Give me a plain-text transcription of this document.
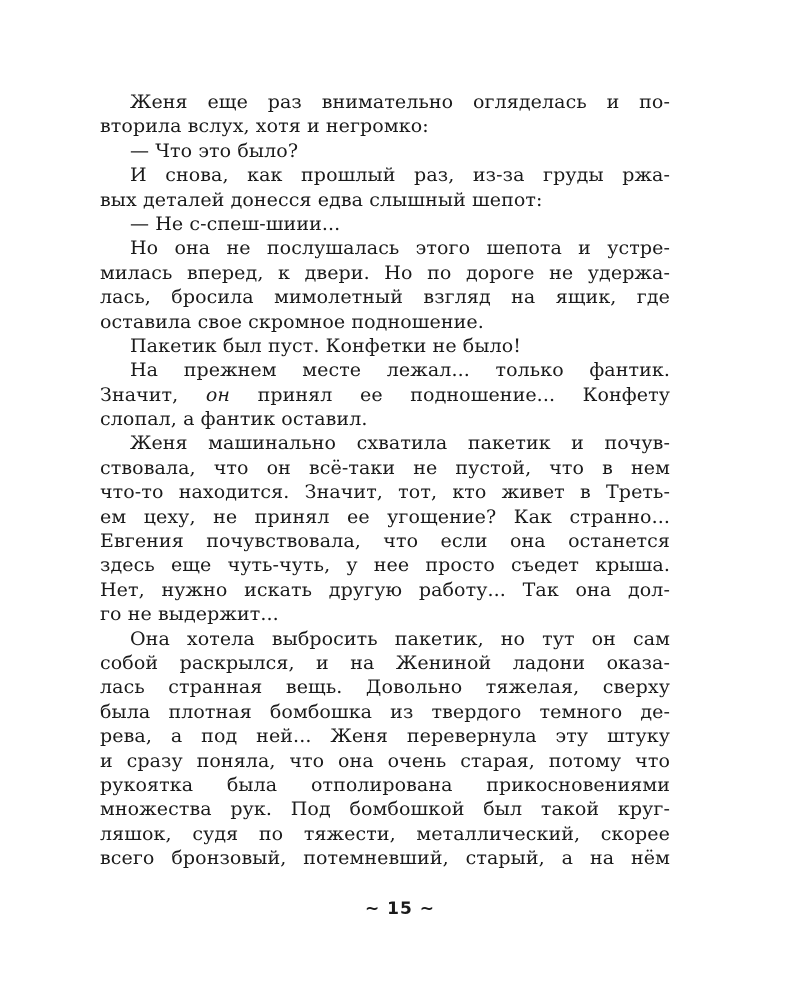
Женя еще раз внимательно огляделась и по-
вторила вслух, хотя и негромко:
— Что это было?
И снова, как прошлый раз, из-за груды ржа-
вых деталей донесся едва слышный шепот:
— Не с-спеш-шиии...
Но она не послушалась этого шепота и устре-
милась вперед, к двери. Но по дороге не удержа-
лась, бросила мимолетный взгляд на ящик, где
оставила свое скромное подношение.
Пакетик был пуст. Конфетки не было!
На прежнем месте лежал... только фантик.
Значит, он принял ее подношение... Конфету
слопал, а фантик оставил.
Женя машинально схватила пакетик и почув-
ствовала, что он всё-таки не пустой, что в нем
что-то находится. Значит, тот, кто живет в Треть-
ем цеху, не принял ее угощение? Как странно...
Евгения почувствовала, что если она останется
здесь еще чуть-чуть, у нее просто съедет крыша.
Нет, нужно искать другую работу... Так она дол-
го не выдержит...
Она хотела выбросить пакетик, но тут он сам
собой раскрылся, и на Жениной ладони оказа-
лась странная вещь. Довольно тяжелая, сверху
была плотная бомбошка из твердого темного де-
рева, а под ней... Женя перевернула эту штуку
и сразу поняла, что она очень старая, потому что
рукоятка была отполирована прикосновениями
множества рук. Под бомбошкой был такой круг-
ляшок, судя по тяжести, металлический, скорее
всего бронзовый, потемневший, старый, а на нём
~ 15 ~
